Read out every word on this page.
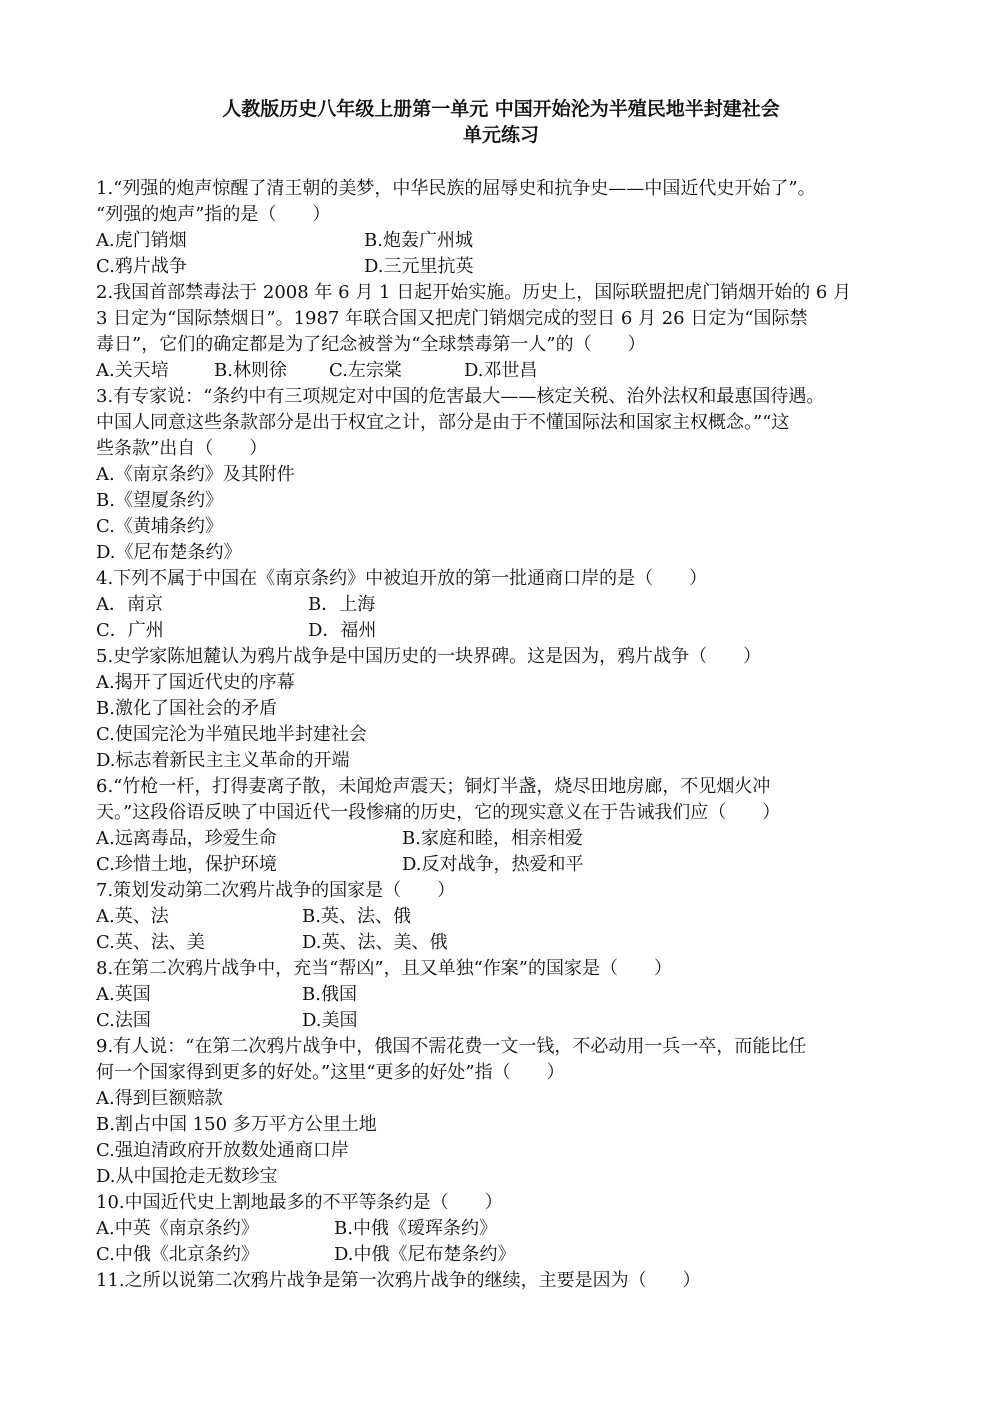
人教版历史八年级上册第一单元 中国开始沦为半殖民地半封建社会
单元练习
1.“列强的炮声惊醒了清王朝的美梦，中华民族的屈辱史和抗争史——中国近代史开始了”。
“列强的炮声”指的是（　　）
A.虎门销烟	B.炮轰广州城
C.鸦片战争	D.三元里抗英
2.我国首部禁毒法于 2008 年 6 月 1 日起开始实施。历史上，国际联盟把虎门销烟开始的 6 月
3 日定为“国际禁烟日”。1987 年联合国又把虎门销烟完成的翌日 6 月 26 日定为“国际禁
毒日”，它们的确定都是为了纪念被誉为“全球禁毒第一人”的（　　）
A.关天培	B.林则徐	C.左宗棠	D.邓世昌
3.有专家说：“条约中有三项规定对中国的危害最大——核定关税、治外法权和最惠国待遇。
中国人同意这些条款部分是出于权宜之计，部分是由于不懂国际法和国家主权概念。”“这
些条款”出自（　　）
A.《南京条约》及其附件
B.《望厦条约》
C.《黄埔条约》
D.《尼布楚条约》
4.下列不属于中国在《南京条约》中被迫开放的第一批通商口岸的是（　　）
A．南京	B．上海
C．广州	D．福州
5.史学家陈旭麓认为鸦片战争是中国历史的一块界碑。这是因为，鸦片战争（　　）
A.揭开了国近代史的序幕
B.激化了国社会的矛盾
C.使国完沦为半殖民地半封建社会
D.标志着新民主主义革命的开端
6.“竹枪一杆，打得妻离子散，未闻炝声震天；铜灯半盏，烧尽田地房廊，不见烟火冲
天。”这段俗语反映了中国近代一段惨痛的历史，它的现实意义在于告诫我们应（　　）
A.远离毒品，珍爱生命	B.家庭和睦，相亲相爱
C.珍惜土地，保护环境	D.反对战争，热爱和平
7.策划发动第二次鸦片战争的国家是（　　）
A.英、法	B.英、法、俄
C.英、法、美	D.英、法、美、俄
8.在第二次鸦片战争中，充当“帮凶”，且又单独“作案”的国家是（　　）
A.英国	B.俄国
C.法国	D.美国
9.有人说：“在第二次鸦片战争中，俄国不需花费一文一钱，不必动用一兵一卒，而能比任
何一个国家得到更多的好处。”这里“更多的好处”指（　　）
A.得到巨额赔款
B.割占中国 150 多万平方公里土地
C.强迫清政府开放数处通商口岸
D.从中国抢走无数珍宝
10.中国近代史上割地最多的不平等条约是（　　）
A.中英《南京条约》	B.中俄《瑷珲条约》
C.中俄《北京条约》	D.中俄《尼布楚条约》
11.之所以说第二次鸦片战争是第一次鸦片战争的继续，主要是因为（　　）
